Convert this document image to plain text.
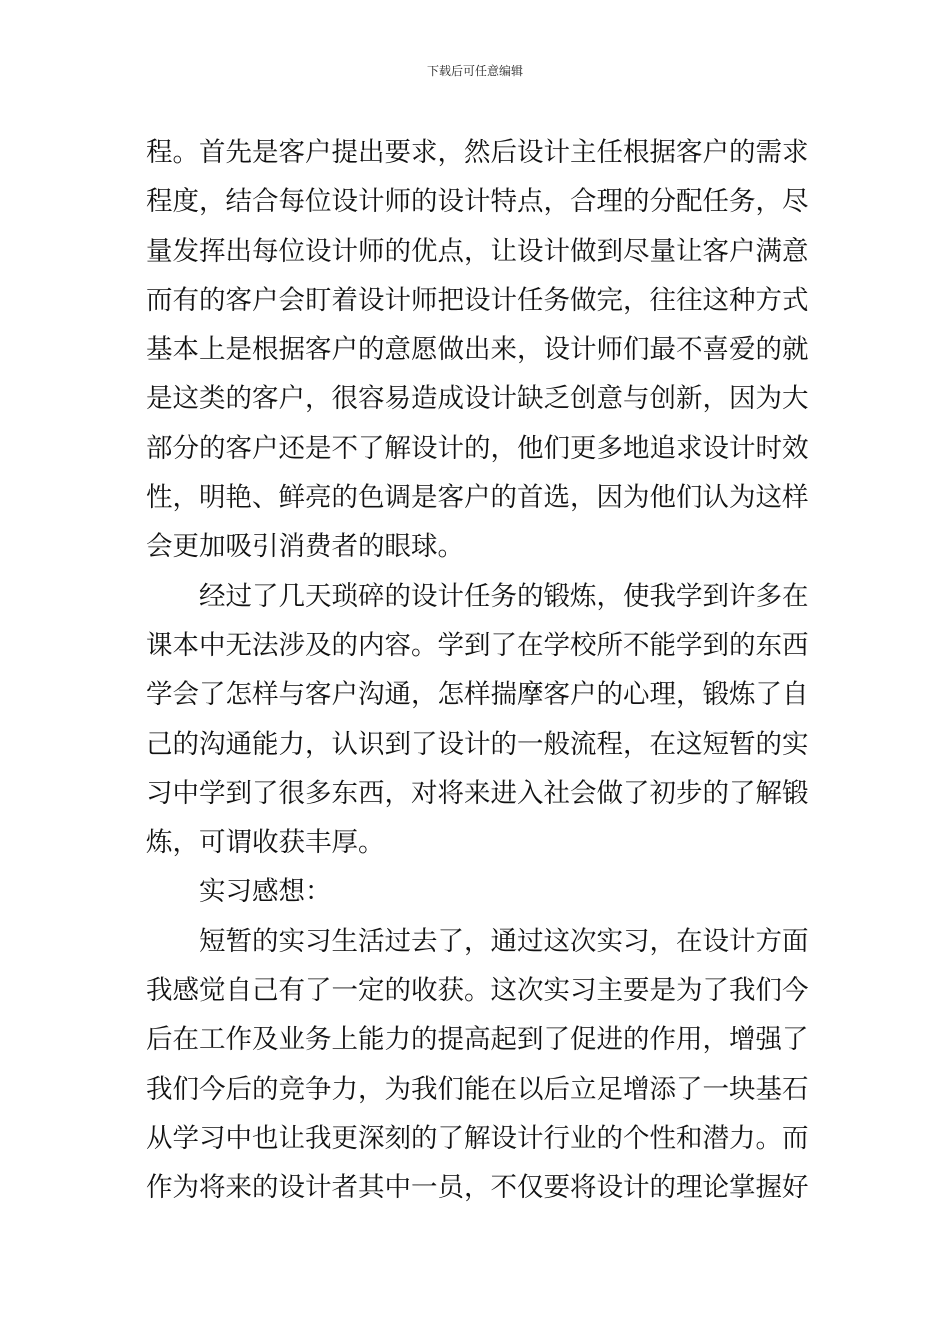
下载后可任意编辑
程。首先是客户提出要求，然后设计主任根据客户的需求
程度，结合每位设计师的设计特点，合理的分配任务，尽
量发挥出每位设计师的优点，让设计做到尽量让客户满意
而有的客户会盯着设计师把设计任务做完，往往这种方式
基本上是根据客户的意愿做出来，设计师们最不喜爱的就
是这类的客户，很容易造成设计缺乏创意与创新，因为大
部分的客户还是不了解设计的，他们更多地追求设计时效
性，明艳、鲜亮的色调是客户的首选，因为他们认为这样
会更加吸引消费者的眼球。
经过了几天琐碎的设计任务的锻炼，使我学到许多在
课本中无法涉及的内容。学到了在学校所不能学到的东西
学会了怎样与客户沟通，怎样揣摩客户的心理，锻炼了自
己的沟通能力，认识到了设计的一般流程，在这短暂的实
习中学到了很多东西，对将来进入社会做了初步的了解锻
炼，可谓收获丰厚。
实习感想：
短暂的实习生活过去了，通过这次实习，在设计方面
我感觉自己有了一定的收获。这次实习主要是为了我们今
后在工作及业务上能力的提高起到了促进的作用，增强了
我们今后的竞争力，为我们能在以后立足增添了一块基石
从学习中也让我更深刻的了解设计行业的个性和潜力。而
作为将来的设计者其中一员，不仅要将设计的理论掌握好
